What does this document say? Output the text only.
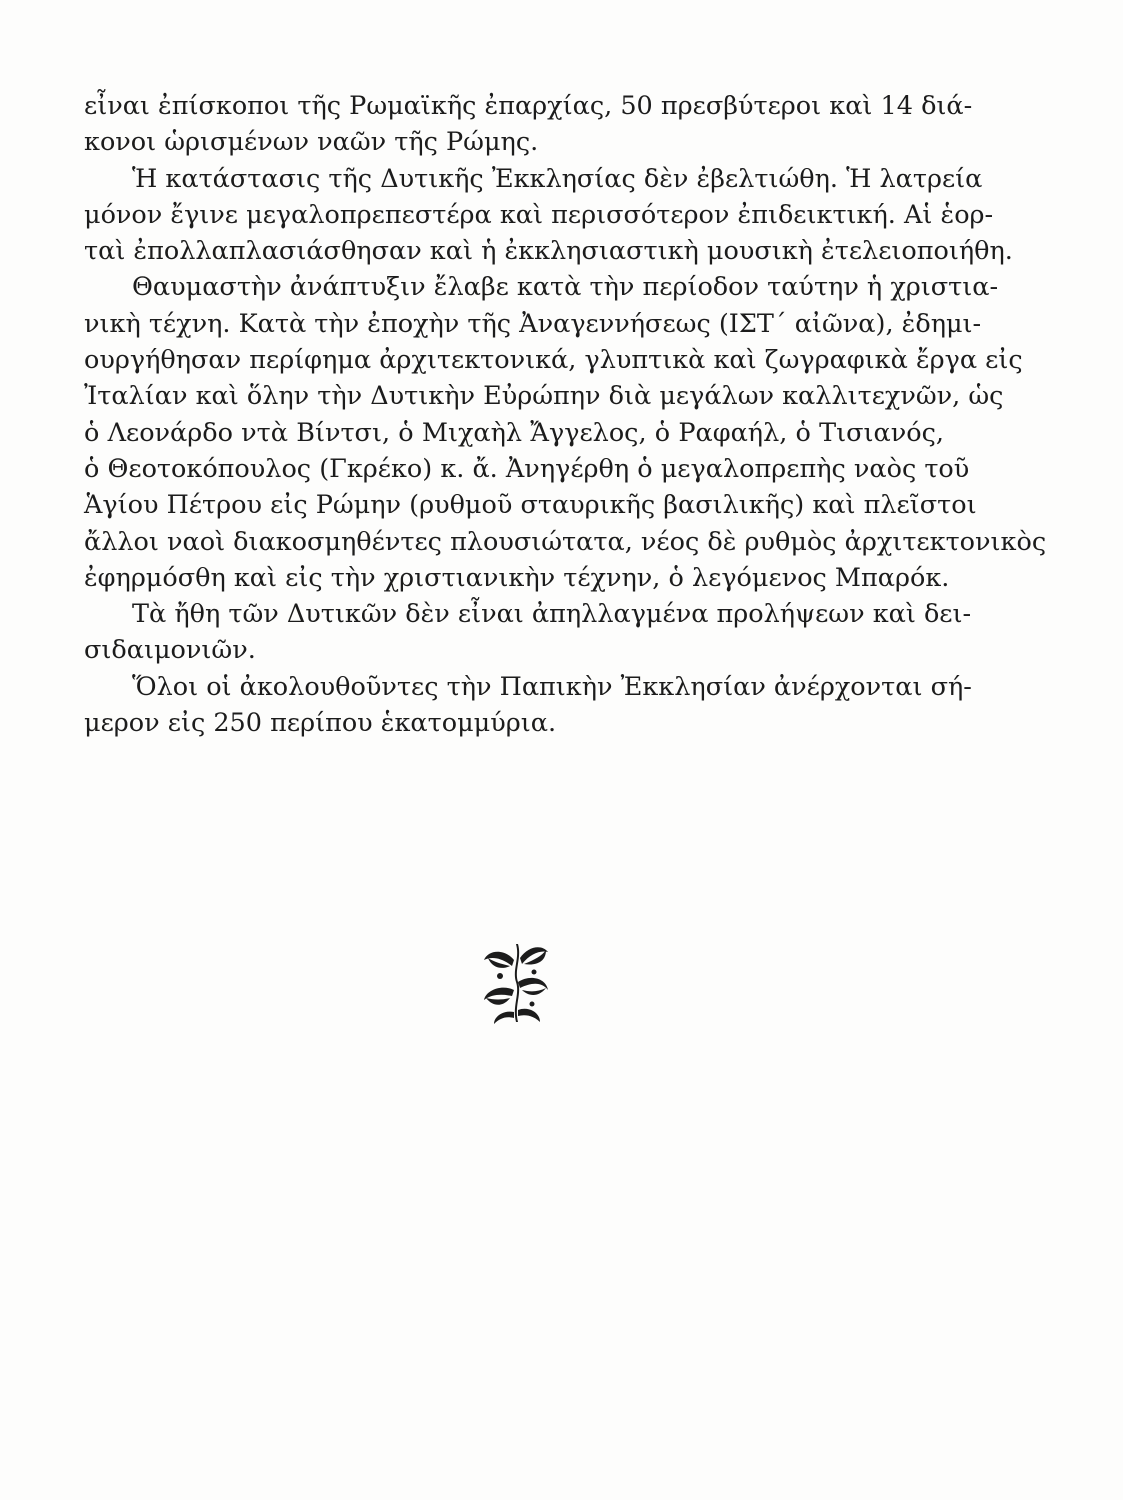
εἶναι ἐπίσκοποι τῆς Ρωμαϊκῆς ἐπαρχίας, 50 πρεσβύτεροι καὶ 14 διά-
κονοι ὡρισμένων ναῶν τῆς Ρώμης.
Ἡ κατάστασις τῆς Δυτικῆς Ἐκκλησίας δὲν ἐβελτιώθη. Ἡ λατρεία
μόνον ἔγινε μεγαλοπρεπεστέρα καὶ περισσότερον ἐπιδεικτική. Αἱ ἑορ-
ταὶ ἐπολλαπλασιάσθησαν καὶ ἡ ἐκκλησιαστικὴ μουσικὴ ἐτελειοποιήθη.
Θαυμαστὴν ἀνάπτυξιν ἔλαβε κατὰ τὴν περίοδον ταύτην ἡ χριστια-
νικὴ τέχνη. Κατὰ τὴν ἐποχὴν τῆς Ἀναγεννήσεως (ΙΣΤ΄ αἰῶνα), ἐδημι-
ουργήθησαν περίφημα ἀρχιτεκτονικά, γλυπτικὰ καὶ ζωγραφικὰ ἔργα εἰς
Ἰταλίαν καὶ ὅλην τὴν Δυτικὴν Εὐρώπην διὰ μεγάλων καλλιτεχνῶν, ὡς
ὁ Λεονάρδο ντὰ Βίντσι, ὁ Μιχαὴλ Ἄγγελος, ὁ Ραφαήλ, ὁ Τισιανός,
ὁ Θεοτοκόπουλος (Γκρέκο) κ. ἄ. Ἀνηγέρθη ὁ μεγαλοπρεπὴς ναὸς τοῦ
Ἁγίου Πέτρου εἰς Ρώμην (ρυθμοῦ σταυρικῆς βασιλικῆς) καὶ πλεῖστοι
ἄλλοι ναοὶ διακοσμηθέντες πλουσιώτατα, νέος δὲ ρυθμὸς ἀρχιτεκτονικὸς
ἐφηρμόσθη καὶ εἰς τὴν χριστιανικὴν τέχνην, ὁ λεγόμενος Μπαρόκ.
Τὰ ἤθη τῶν Δυτικῶν δὲν εἶναι ἀπηλλαγμένα προλήψεων καὶ δει-
σιδαιμονιῶν.
Ὅλοι οἱ ἀκολουθοῦντες τὴν Παπικὴν Ἐκκλησίαν ἀνέρχονται σή-
μερον εἰς 250 περίπου ἑκατομμύρια.
